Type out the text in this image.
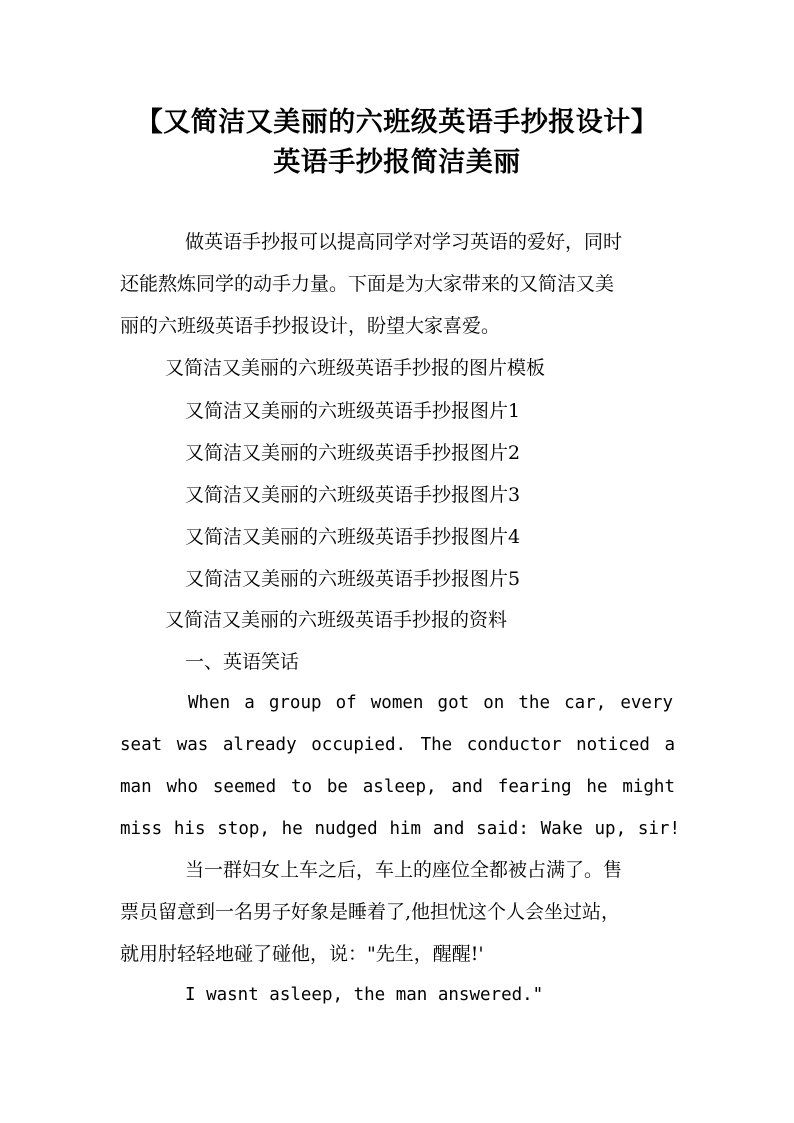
【又简洁又美丽的六班级英语手抄报设计】
英语手抄报简洁美丽
做英语手抄报可以提高同学对学习英语的爱好，同时
还能熬炼同学的动手力量。下面是为大家带来的又简洁又美
丽的六班级英语手抄报设计，盼望大家喜爱。
又简洁又美丽的六班级英语手抄报的图片模板
又简洁又美丽的六班级英语手抄报图片1
又简洁又美丽的六班级英语手抄报图片2
又简洁又美丽的六班级英语手抄报图片3
又简洁又美丽的六班级英语手抄报图片4
又简洁又美丽的六班级英语手抄报图片5
又简洁又美丽的六班级英语手抄报的资料
一、英语笑话
When a group of women got on the car, every
seat was already occupied. The conductor noticed a
man who seemed to be asleep, and fearing he might
miss his stop, he nudged him and said: Wake up, sir!
当一群妇女上车之后，车上的座位全都被占满了。售
票员留意到一名男子好象是睡着了,他担忧这个人会坐过站，
就用肘轻轻地碰了碰他，说："先生，醒醒!'
I wasnt asleep, the man answered."
